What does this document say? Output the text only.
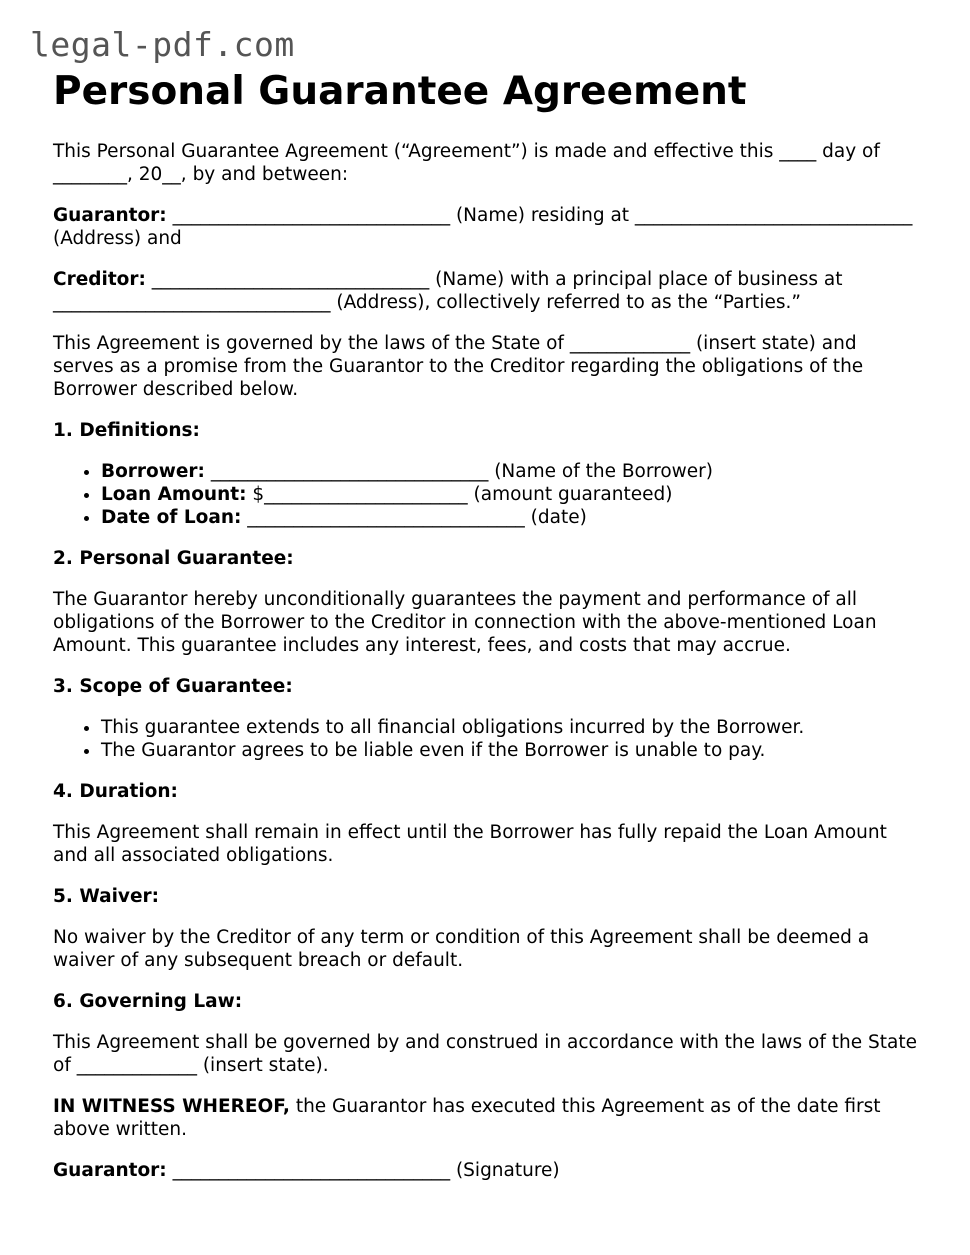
legal-pdf.com
Personal Guarantee Agreement

This Personal Guarantee Agreement (“Agreement”) is made and effective this ____ day of ________, 20__, by and between:

Guarantor: ______________________________ (Name) residing at ______________________________ (Address) and

Creditor: ______________________________ (Name) with a principal place of business at ______________________________ (Address), collectively referred to as the “Parties.”

This Agreement is governed by the laws of the State of _____________ (insert state) and serves as a promise from the Guarantor to the Creditor regarding the obligations of the Borrower described below.

1. Definitions:

• Borrower: ______________________________ (Name of the Borrower)
• Loan Amount: $______________________ (amount guaranteed)
• Date of Loan: ______________________________ (date)

2. Personal Guarantee:

The Guarantor hereby unconditionally guarantees the payment and performance of all obligations of the Borrower to the Creditor in connection with the above-mentioned Loan Amount. This guarantee includes any interest, fees, and costs that may accrue.

3. Scope of Guarantee:

• This guarantee extends to all financial obligations incurred by the Borrower.
• The Guarantor agrees to be liable even if the Borrower is unable to pay.

4. Duration:

This Agreement shall remain in effect until the Borrower has fully repaid the Loan Amount and all associated obligations.

5. Waiver:

No waiver by the Creditor of any term or condition of this Agreement shall be deemed a waiver of any subsequent breach or default.

6. Governing Law:

This Agreement shall be governed by and construed in accordance with the laws of the State of _____________ (insert state).

IN WITNESS WHEREOF, the Guarantor has executed this Agreement as of the date first above written.

Guarantor: ______________________________ (Signature)
